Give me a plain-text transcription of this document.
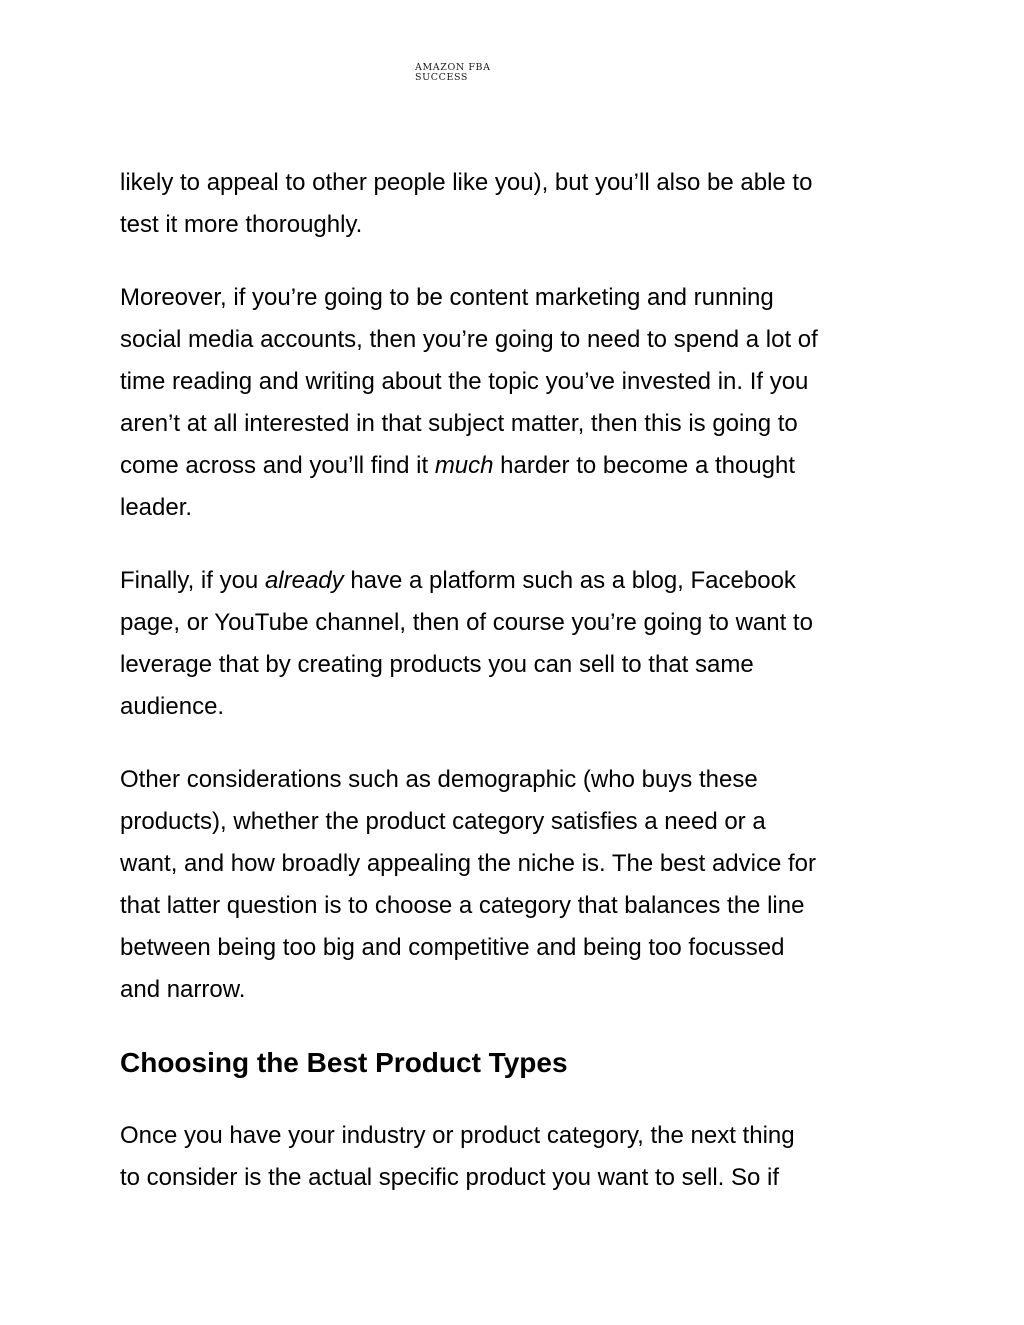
AMAZON FBA
SUCCESS

likely to appeal to other people like you), but you’ll also be able to
test it more thoroughly.

Moreover, if you’re going to be content marketing and running
social media accounts, then you’re going to need to spend a lot of
time reading and writing about the topic you’ve invested in. If you
aren’t at all interested in that subject matter, then this is going to
come across and you’ll find it much harder to become a thought
leader.

Finally, if you already have a platform such as a blog, Facebook
page, or YouTube channel, then of course you’re going to want to
leverage that by creating products you can sell to that same
audience.

Other considerations such as demographic (who buys these
products), whether the product category satisfies a need or a
want, and how broadly appealing the niche is. The best advice for
that latter question is to choose a category that balances the line
between being too big and competitive and being too focussed
and narrow.

Choosing the Best Product Types

Once you have your industry or product category, the next thing
to consider is the actual specific product you want to sell. So if
